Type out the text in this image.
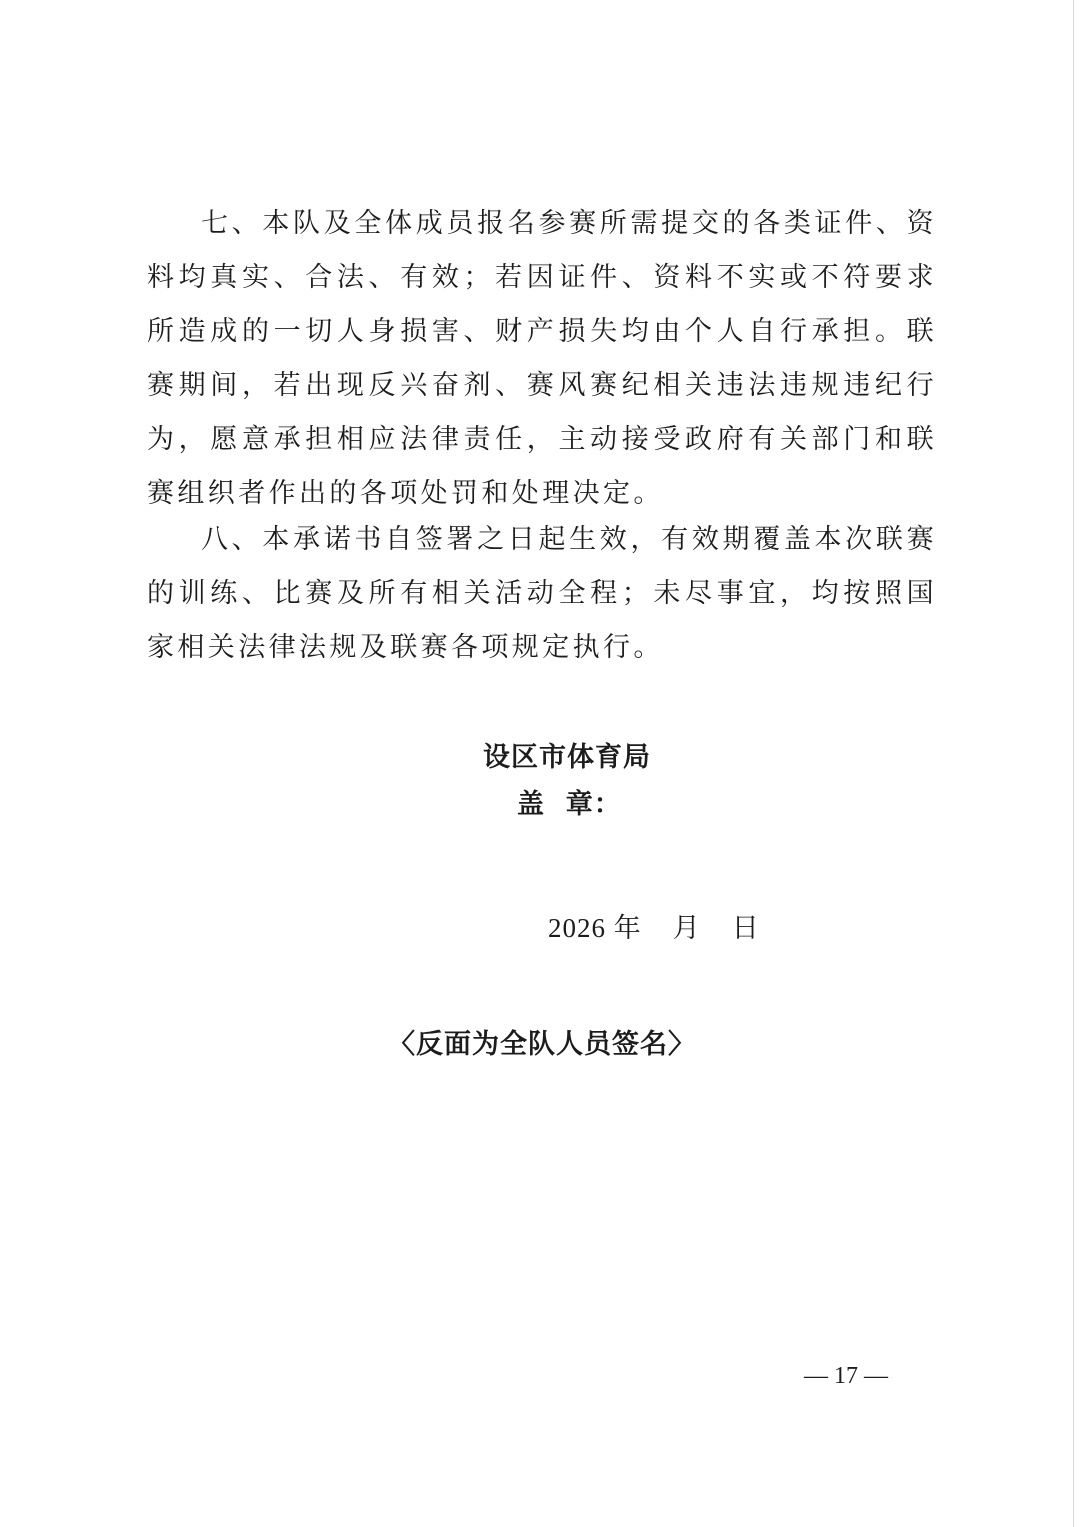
七、本队及全体成员报名参赛所需提交的各类证件、资料均真实、合法、有效；若因证件、资料不实或不符要求所造成的一切人身损害、财产损失均由个人自行承担。联赛期间，若出现反兴奋剂、赛风赛纪相关违法违规违纪行为，愿意承担相应法律责任，主动接受政府有关部门和联赛组织者作出的各项处罚和处理决定。

八、本承诺书自签署之日起生效，有效期覆盖本次联赛的训练、比赛及所有相关活动全程；未尽事宜，均按照国家相关法律法规及联赛各项规定执行。

设区市体育局
盖  章：
2026 年    月    日
〈反面为全队人员签名〉
— 17 —
